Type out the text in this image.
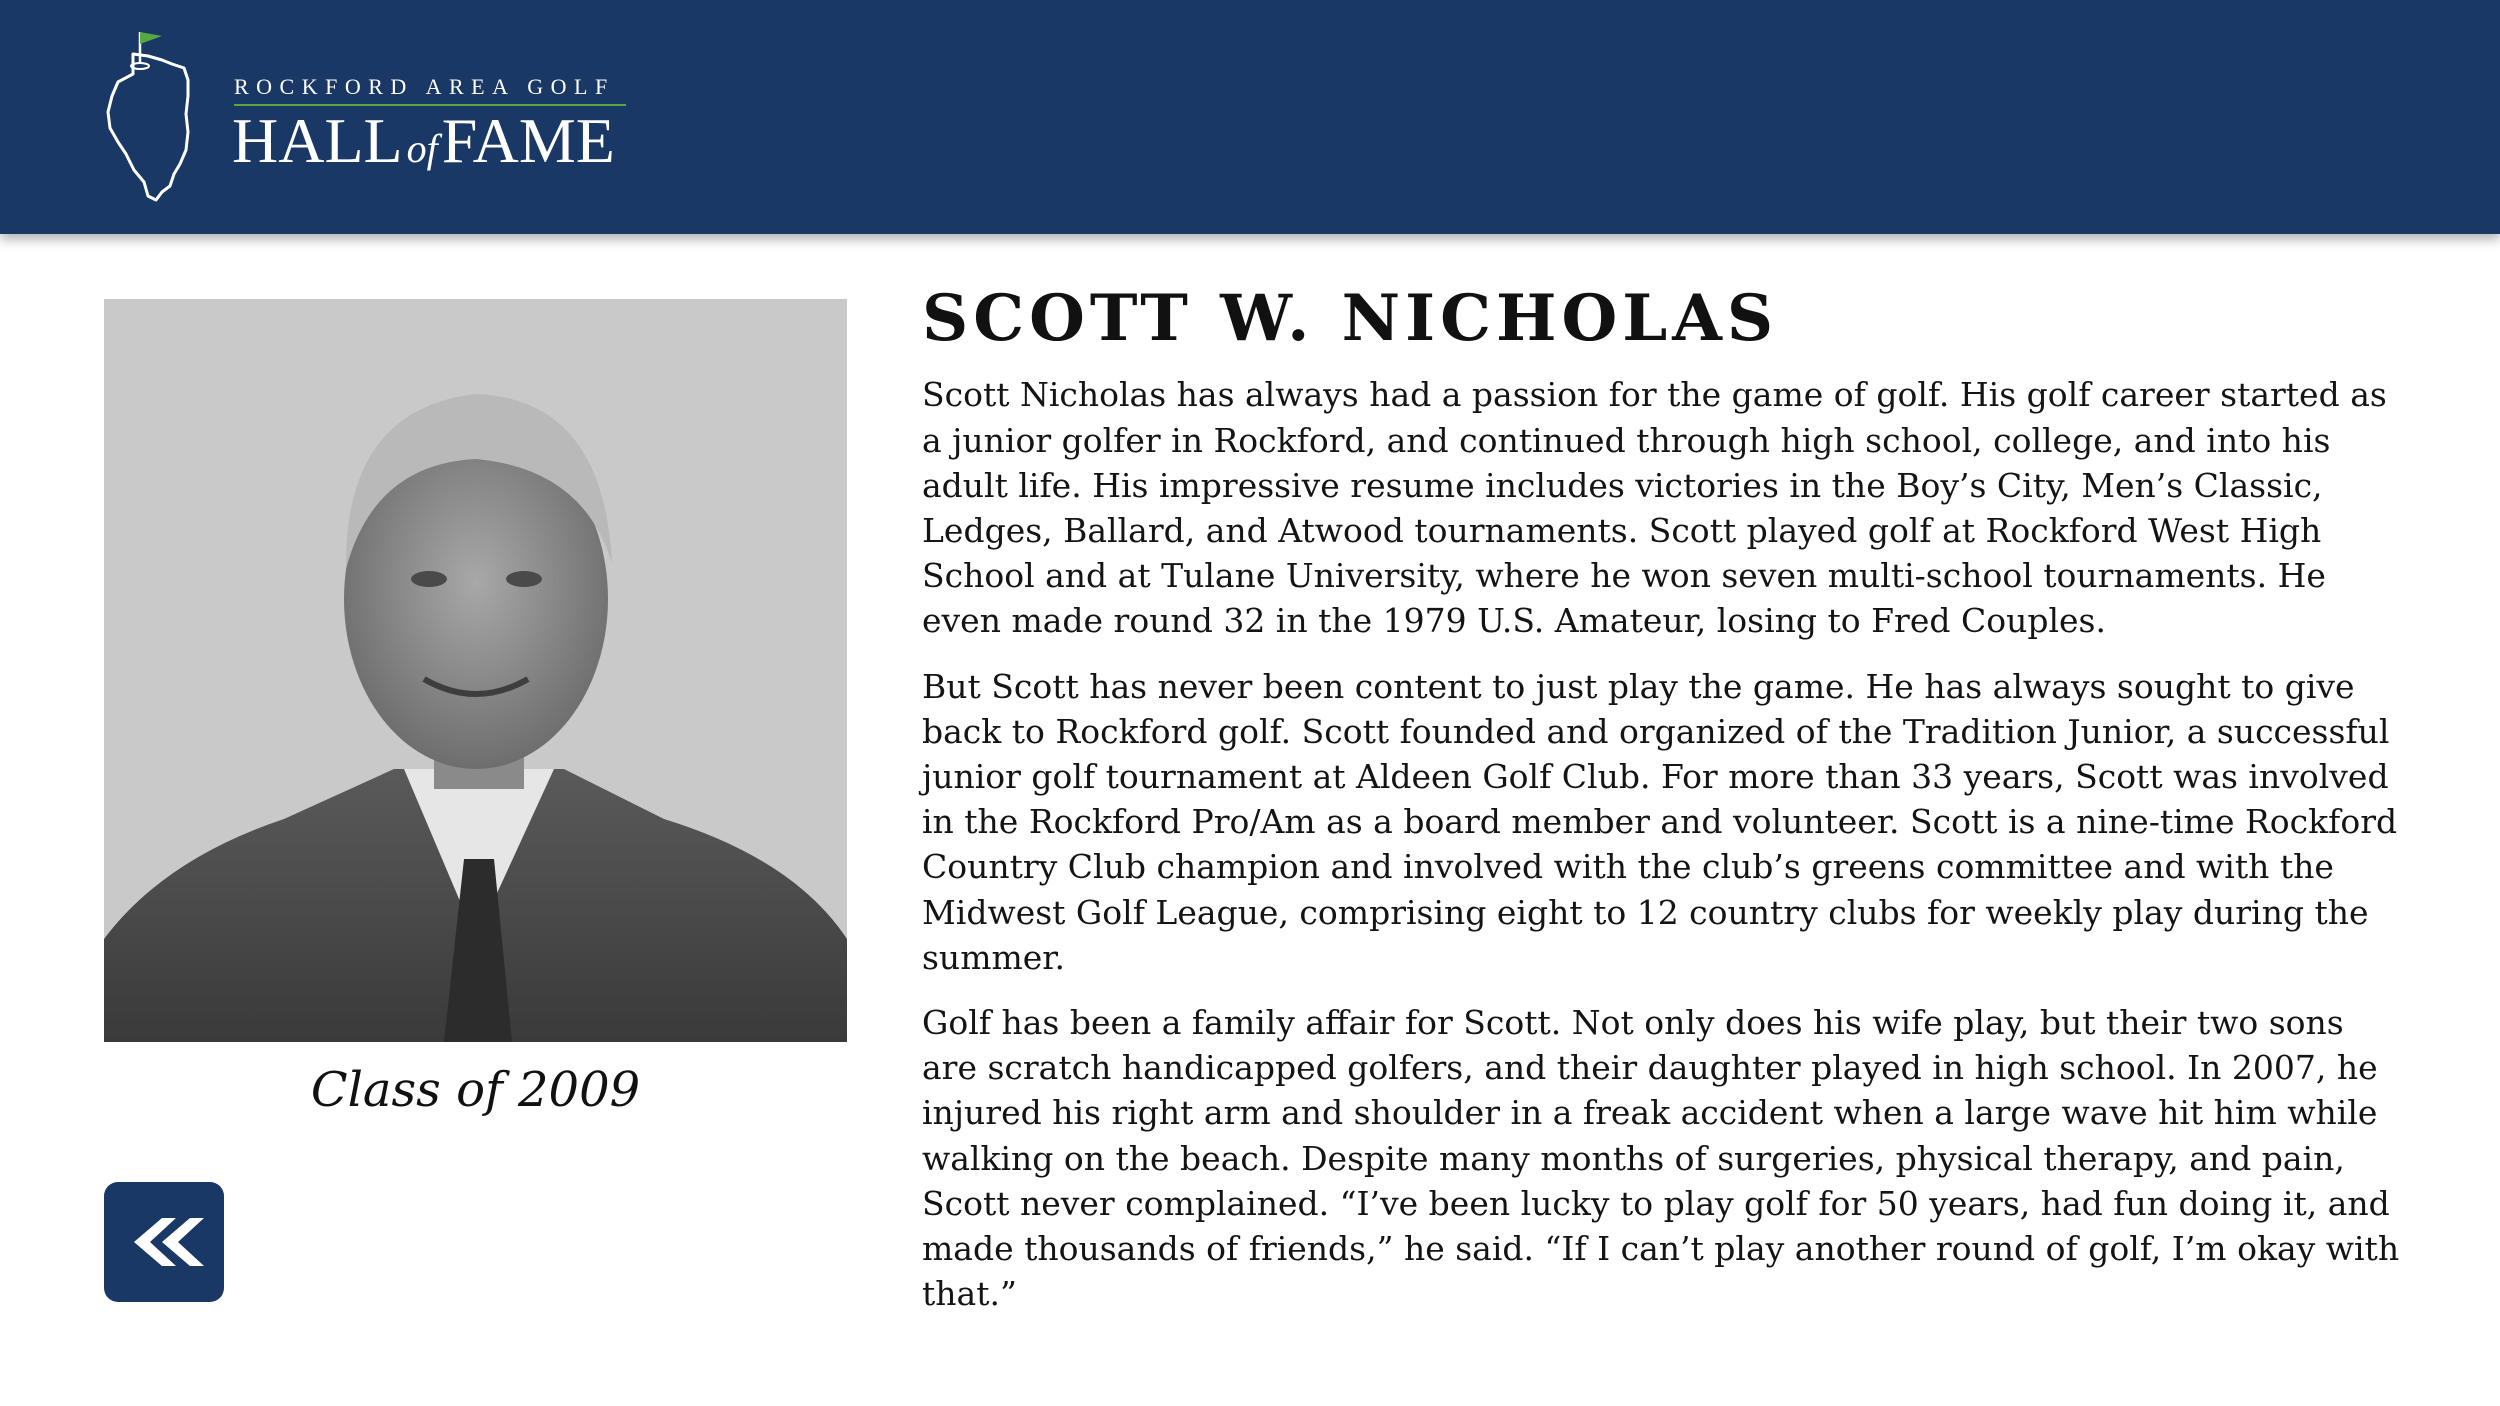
ROCKFORD AREA GOLF
HALL ofFAME
Class of 2009
SCOTT W. NICHOLAS

Scott Nicholas has always had a passion for the game of golf. His golf career started as a junior golfer in Rockford, and continued through high school, college, and into his adult life. His impressive resume includes victories in the Boy’s City, Men’s Classic, Ledges, Ballard, and Atwood tournaments. Scott played golf at Rockford West High School and at Tulane University, where he won seven multi-school tournaments. He even made round 32 in the 1979 U.S. Amateur, losing to Fred Couples.

But Scott has never been content to just play the game. He has always sought to give back to Rockford golf. Scott founded and organized of the Tradition Junior, a successful junior golf tournament at Aldeen Golf Club. For more than 33 years, Scott was involved in the Rockford Pro/Am as a board member and volunteer. Scott is a nine-time Rockford Country Club champion and involved with the club’s greens committee and with the Midwest Golf League, comprising eight to 12 country clubs for weekly play during the summer.

Golf has been a family affair for Scott. Not only does his wife play, but their two sons are scratch handicapped golfers, and their daughter played in high school. In 2007, he injured his right arm and shoulder in a freak accident when a large wave hit him while walking on the beach. Despite many months of surgeries, physical therapy, and pain, Scott never complained. “I’ve been lucky to play golf for 50 years, had fun doing it, and made thousands of friends,” he said. “If I can’t play another round of golf, I’m okay with that.”
